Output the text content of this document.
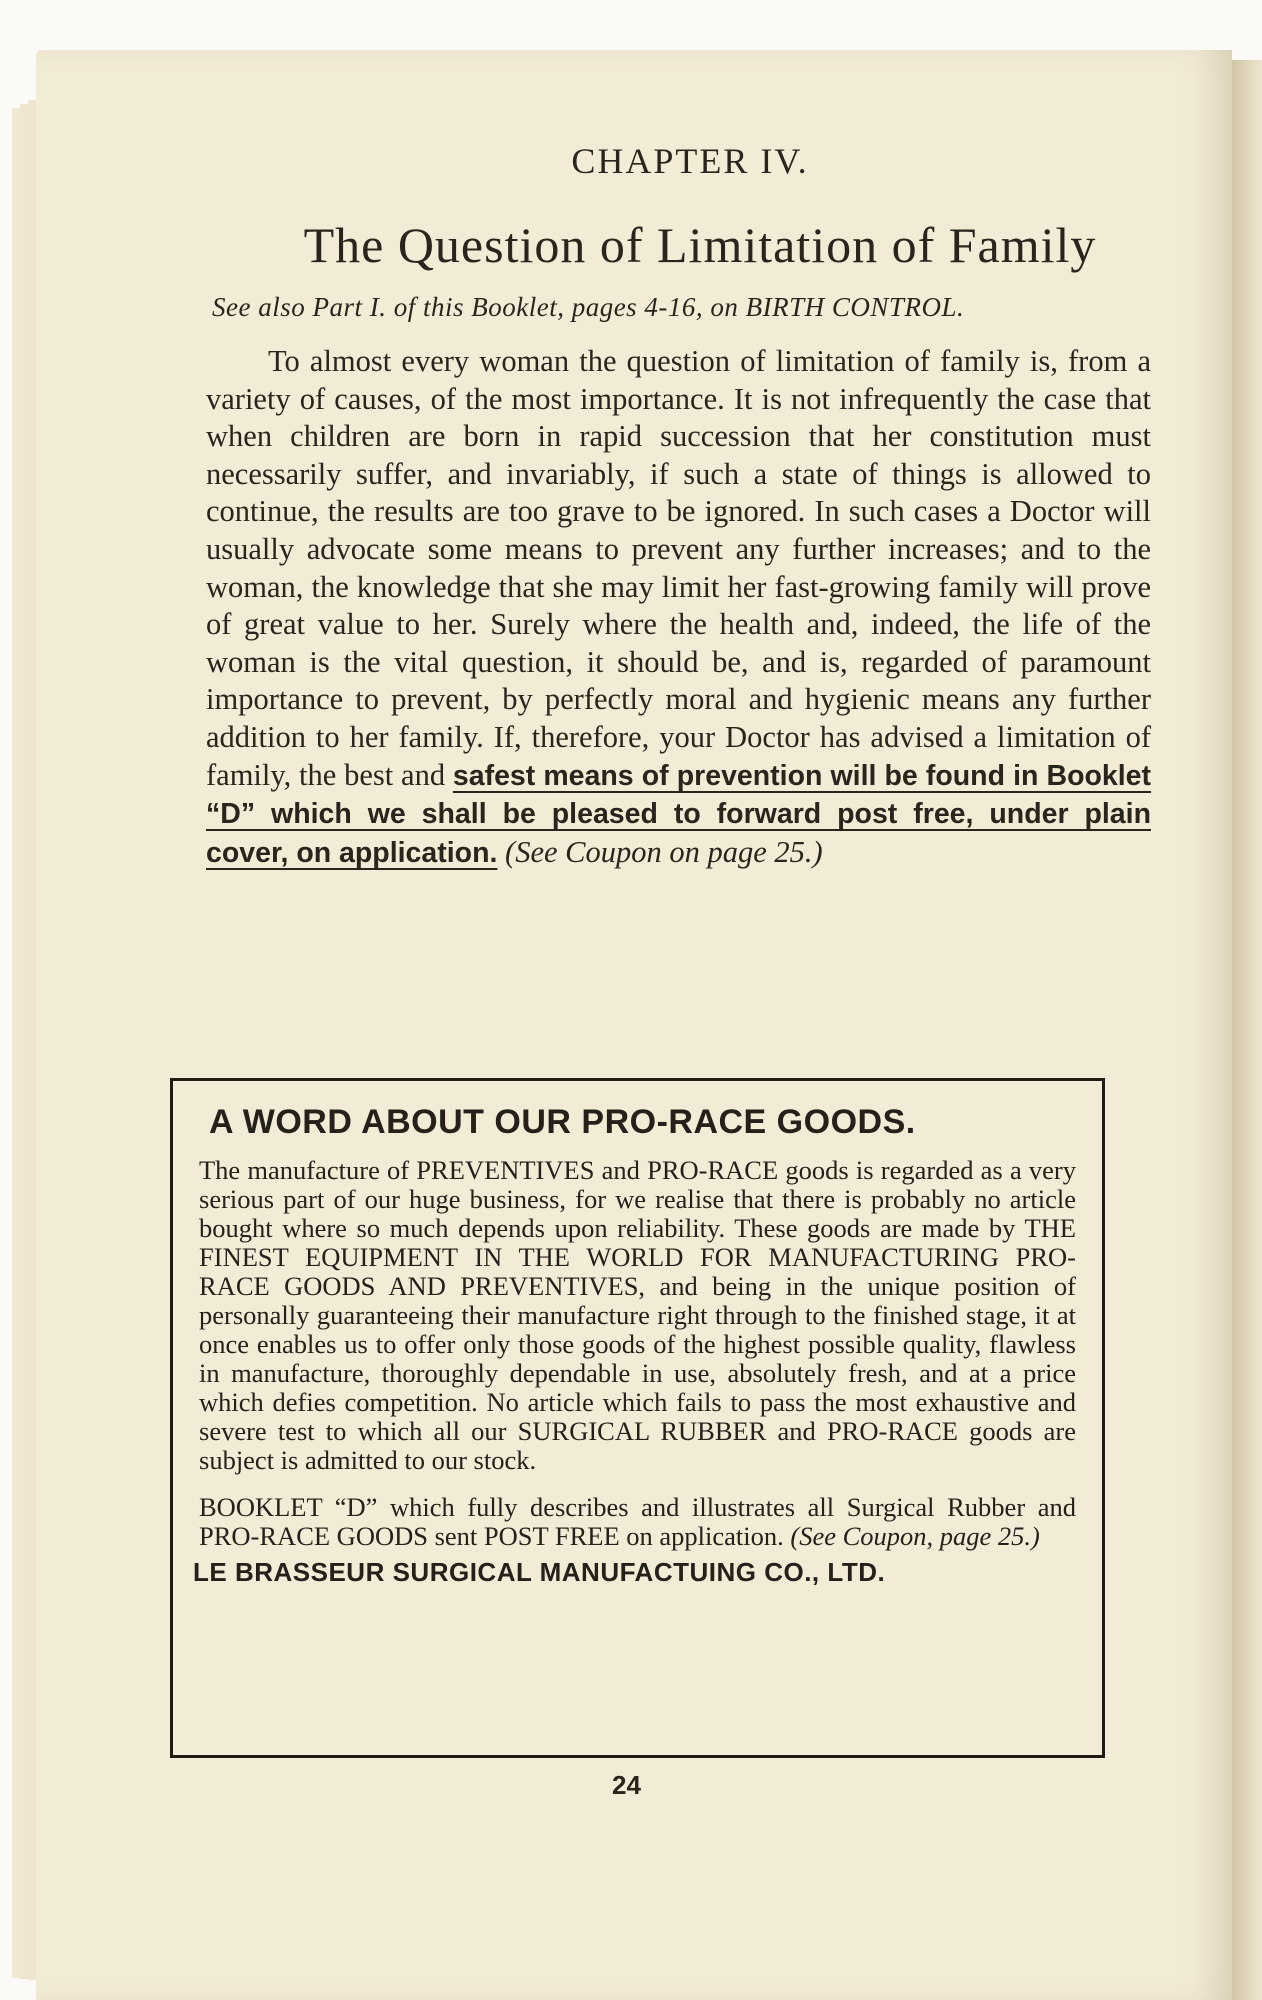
CHAPTER IV.
The Question of Limitation of Family
See also Part I. of this Booklet, pages 4-16, on BIRTH CONTROL.

To almost every woman the question of limitation of family is, from a variety of causes, of the most importance. It is not infrequently the case that when children are born in rapid succession that her constitution must necessarily suffer, and invariably, if such a state of things is allowed to continue, the results are too grave to be ignored. In such cases a Doctor will usually advocate some means to prevent any further increases; and to the woman, the knowledge that she may limit her fast-growing family will prove of great value to her. Surely where the health and, indeed, the life of the woman is the vital question, it should be, and is, regarded of paramount importance to prevent, by perfectly moral and hygienic means any further addition to her family. If, therefore, your Doctor has advised a limitation of family, the best and safest means of prevention will be found in Booklet “D” which we shall be pleased to forward post free, under plain cover, on application. (See Coupon on page 25.)

A WORD ABOUT OUR PRO-RACE GOODS.

The manufacture of PREVENTIVES and PRO-RACE goods is regarded as a very serious part of our huge business, for we realise that there is probably no article bought where so much depends upon reliability. These goods are made by THE FINEST EQUIPMENT IN THE WORLD FOR MANUFACTURING PRO-RACE GOODS AND PREVENTIVES, and being in the unique position of personally guaranteeing their manufacture right through to the finished stage, it at once enables us to offer only those goods of the highest possible quality, flawless in manufacture, thoroughly dependable in use, absolutely fresh, and at a price which defies competition. No article which fails to pass the most exhaustive and severe test to which all our SURGICAL RUBBER and PRO-RACE goods are subject is admitted to our stock.

BOOKLET “D” which fully describes and illustrates all Surgical Rubber and PRO-RACE GOODS sent POST FREE on application. (See Coupon, page 25.)

LE BRASSEUR SURGICAL MANUFACTUING CO., LTD.
24
